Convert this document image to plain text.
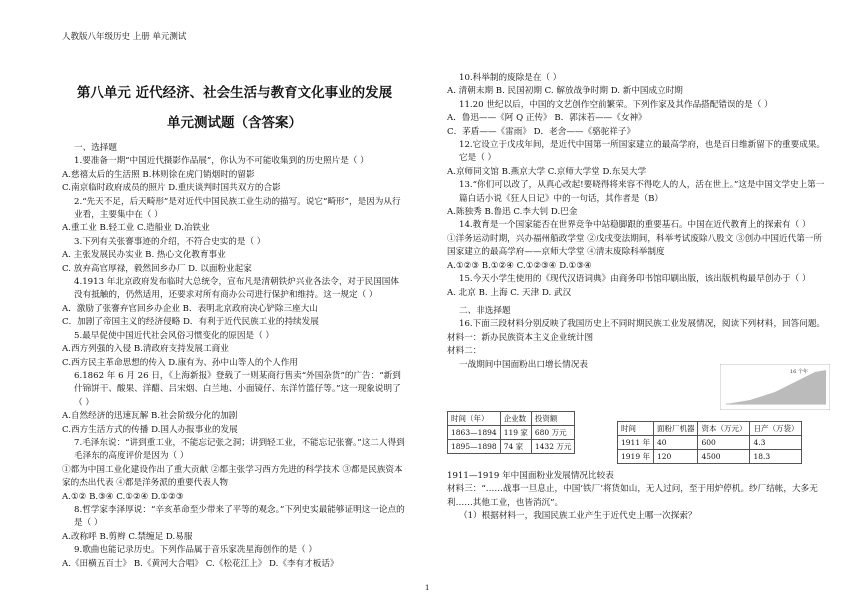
人教版八年级历史 上册 单元测试
第八单元 近代经济、社会生活与教育文化事业的发展
单元测试题（含答案）
一、选择题
1.要准备一期“中国近代摄影作品展”，你认为不可能收集到的历史照片是（ ）
A.慈禧太后的生活照 B.林则徐在虎门销烟时的留影
C.南京临时政府成员的照片 D.重庆谈判时国共双方的合影
2.“先天不足，后天畸形”是对近代中国民族工业生动的描写。说它“畸形”，是因为从行业看，主要集中在（ ）
A.重工业 B.轻工业 C.造船业 D.冶铁业
3.下列有关张謇事迹的介绍，不符合史实的是（ ）
A. 主张发展民办实业 B. 热心文化教育事业
C. 放弃高官厚禄，毅然回乡办厂 D. 以面粉业起家
4.1913 年北京政府发布临时大总统令，宣布凡是清朝铁炉兴业各法令，对于民国国体没有抵触的，仍然适用，还要求对所有商办公司进行保护和维持。这一规定（ ）
A．激励了张謇弃官回乡办企业 B．表明北京政府决心铲除三座大山
C．加剧了帝国主义的经济侵略 D．有利于近代民族工业的持续发展
5.最早促使中国近代社会风俗习惯变化的原因是（ ）
A.西方列强的入侵 B.清政府支持发展工商业
C.西方民主革命思想的传入 D.康有为、孙中山等人的个人作用
6.1862 年 6 月 26 日，《上海新报》登载了一则某商行售卖“外国杂货”的广告：“新到什锦饼干、酸果、洋醋、吕宋烟、白兰地、小面镜仔、东洋竹篮仔等。”这一现象说明了（ ）
A.自然经济的迅速瓦解 B.社会阶级分化的加剧
C.西方生活方式的传播 D.国人办报事业的发展
7.毛泽东说：“讲到重工业，不能忘记张之洞；讲到轻工业，不能忘记张謇。”这二人得到毛泽东的高度评价是因为（ ）
①都为中国工业化建设作出了重大贡献 ②都主张学习西方先进的科学技术 ③都是民族资本家的杰出代表 ④都是洋务派的重要代表人物
A.①② B.③④ C.①②④ D.①②③
8.哲学家李泽厚说：“辛亥革命至少带来了平等的观念。”下列史实最能够证明这一论点的是（ ）
A.改称呼 B.剪辫 C.禁缠足 D.易服
9.歌曲也能记录历史。下列作品属于音乐家冼星海创作的是（ ）
A.《田横五百士》 B.《黄河大合唱》 C.《松花江上》 D.《李有才板话》
10.科举制的废除是在（ ）
A. 清朝末期 B. 民国初期 C. 解放战争时期 D. 新中国成立时期
11.20 世纪以后，中国的文艺创作空前繁荣。下列作家及其作品搭配错误的是（ ）
A．鲁迅——《阿 Q 正传》 B．郭沫若——《女神》
C．茅盾——《雷雨》 D．老舍——《骆驼祥子》
12.它设立于戊戌年间，是近代中国第一所国家建立的最高学府，也是百日维新留下的重要成果。它是（ ）
A.京师同文馆 B.燕京大学 C.京师大学堂 D.东吴大学
13.“你们可以改了，从真心改起!要晓得将来容不得吃人的人，活在世上。”这是中国文学史上第一篇白话小说《狂人日记》中的一句话，其作者是（B）
A.陈独秀 B.鲁迅 C.李大钊 D.巴金
14.教育是一个国家能否在世界竞争中站稳脚跟的重要基石。中国在近代教育上的探索有（ ）
①洋务运动时期，兴办福州船政学堂 ②戊戌变法期间，科举考试废除八股文 ③创办中国近代第一所国家建立的最高学府——京师大学堂 ④清末废除科举制度
A.①②③ B.①②④ C.①②③④ D.①③④
15.今天小学生使用的《现代汉语词典》由商务印书馆印刷出版，该出版机构最早创办于（ ）
A. 北京 B. 上海 C. 天津 D. 武汉
二、非选择题
16.下面三段材料分别反映了我国历史上不同时期民族工业发展情况，阅读下列材料，回答问题。
材料一：新办民族资本主义企业统计图
材料二：
一战期间中国面粉出口增长情况表
16 个年
时间（年）	企业数	投资额
1863—1894	119 家	680 万元
1895—1898	74 家	1432 万元
时间	面粉厂机器	资本（万元）	日产（万袋）
1911 年	40	600	4.3
1919 年	120	4500	18.3
1911—1919 年中国面粉业发展情况比较表
材料三：“……战事一旦息止，中国‘铁厂’将货如山，无人过问，至于用炉停机。纱厂结帐，大多无利……其他工业，也皆消沉”。
（1）根据材料一，我国民族工业产生于近代史上哪一次探索？
1
